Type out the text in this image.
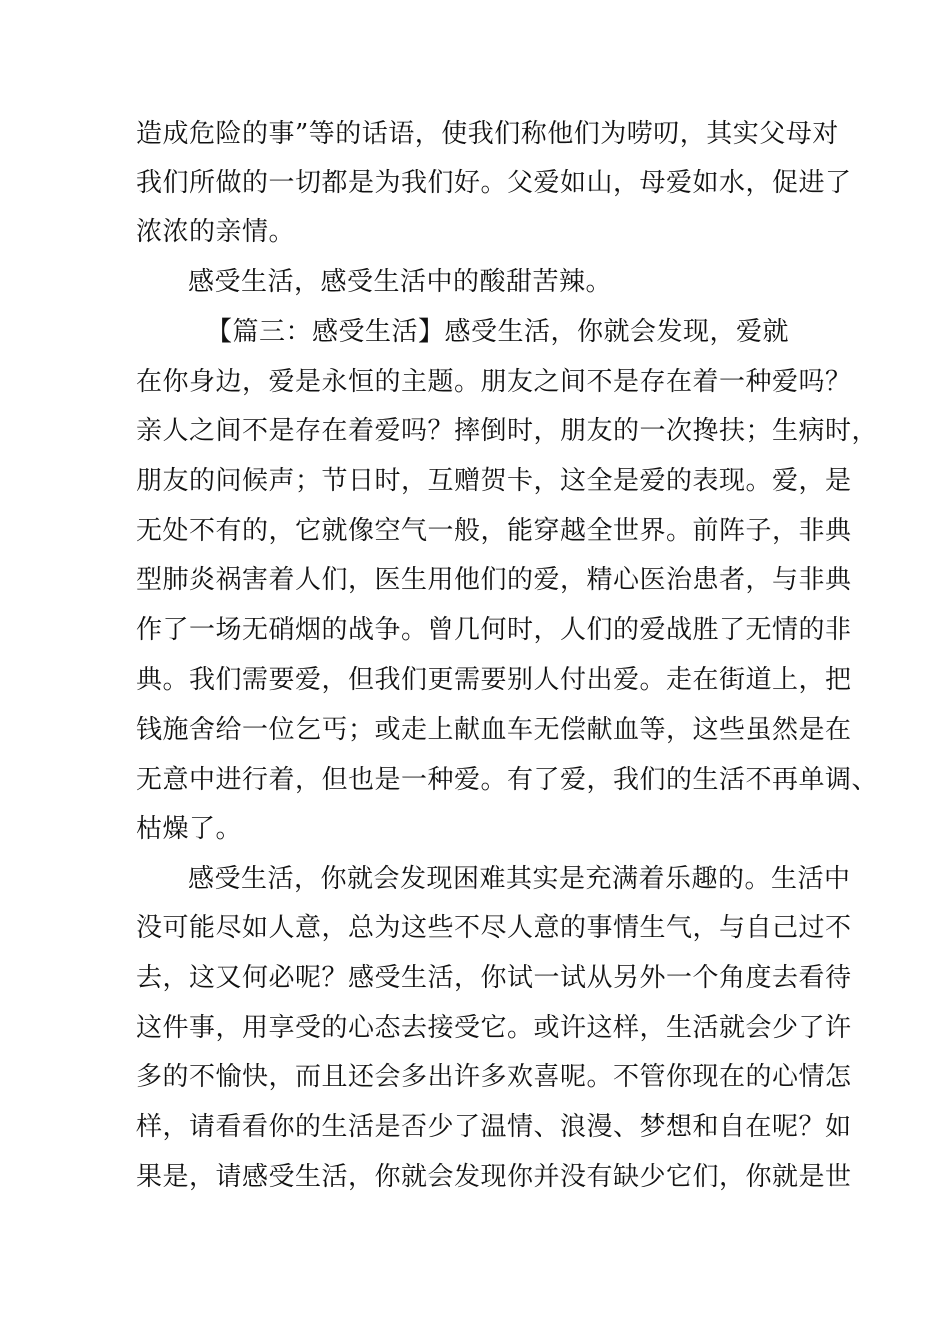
造成危险的事”等的话语，使我们称他们为唠叨，其实父母对
我们所做的一切都是为我们好。父爱如山，母爱如水，促进了
浓浓的亲情。
感受生活，感受生活中的酸甜苦辣。
【篇三：感受生活】感受生活，你就会发现，爱就
在你身边，爱是永恒的主题。朋友之间不是存在着一种爱吗？
亲人之间不是存在着爱吗？摔倒时，朋友的一次搀扶；生病时，
朋友的问候声；节日时，互赠贺卡，这全是爱的表现。爱，是
无处不有的，它就像空气一般，能穿越全世界。前阵子，非典
型肺炎祸害着人们，医生用他们的爱，精心医治患者，与非典
作了一场无硝烟的战争。曾几何时，人们的爱战胜了无情的非
典。我们需要爱，但我们更需要别人付出爱。走在街道上，把
钱施舍给一位乞丐；或走上献血车无偿献血等，这些虽然是在
无意中进行着，但也是一种爱。有了爱，我们的生活不再单调、
枯燥了。
感受生活，你就会发现困难其实是充满着乐趣的。生活中
没可能尽如人意，总为这些不尽人意的事情生气，与自己过不
去，这又何必呢？感受生活，你试一试从另外一个角度去看待
这件事，用享受的心态去接受它。或许这样，生活就会少了许
多的不愉快，而且还会多出许多欢喜呢。不管你现在的心情怎
样，请看看你的生活是否少了温情、浪漫、梦想和自在呢？如
果是，请感受生活，你就会发现你并没有缺少它们，你就是世
